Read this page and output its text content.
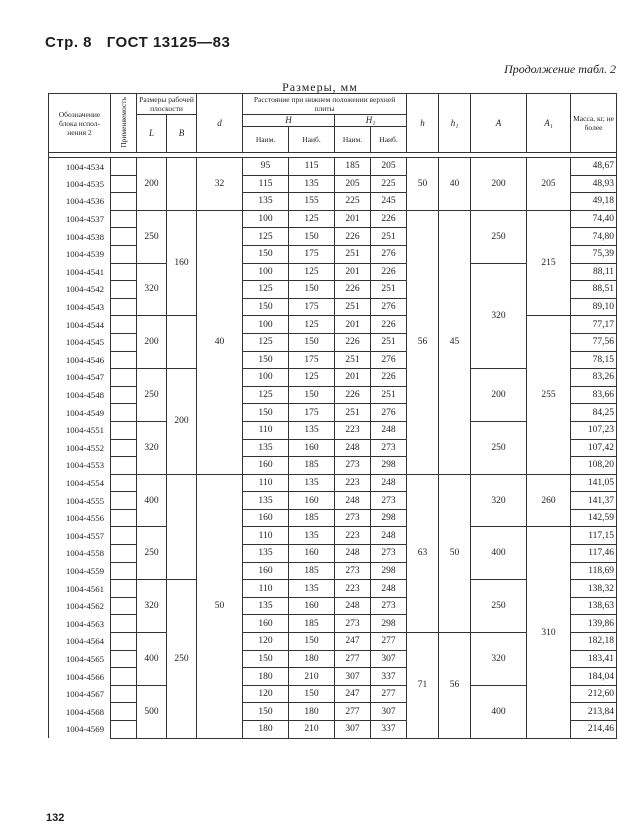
Стр. 8 ГОСТ 13125—83
Продолжение табл. 2
Размеры, мм
Обозначение блока испол-нения 2	Применяемость	Размеры рабочей плоскости		d	Расстояние при нижнем положении верхней плиты				h	h₁	A	A₁	Масса, кг, не более
		L	B		H		H₁						
					Наим.	Наиб.	Наим.	Наиб.					

1004-4534		200		32	95	115	185	205	50	40	200	205	48,67
1004-4535					115	135	205	225					48,93
1004-4536					135	155	225	245					49,18
1004-4537		250	160	40	100	125	201	226	56	45	250	215	74,40
1004-4538					125	150	226	251					74,80
1004-4539					150	175	251	276					75,39
1004-4541		320			100	125	201	226			320		88,11
1004-4542					125	150	226	251					88,51
1004-4543					150	175	251	276					89,10
1004-4544		200			100	125	201	226				255	77,17
1004-4545					125	150	226	251					77,56
1004-4546					150	175	251	276					78,15
1004-4547		250	200		100	125	201	226			200		83,26
1004-4548					125	150	226	251					83,66
1004-4549					150	175	251	276					84,25
1004-4551		320			110	135	223	248			250		107,23
1004-4552					135	160	248	273					107,42
1004-4553					160	185	273	298					108,20
1004-4554		400		50	110	135	223	248	63	50	320	260	141,05
1004-4555					135	160	248	273					141,37
1004-4556					160	185	273	298					142,59
1004-4557		250			110	135	223	248			400	310	117,15
1004-4558					135	160	248	273					117,46
1004-4559					160	185	273	298					118,69
1004-4561		320	250		110	135	223	248			250		138,32
1004-4562					135	160	248	273					138,63
1004-4563					160	185	273	298					139,86
1004-4564		400			120	150	247	277	71	56	320		182,18
1004-4565					150	180	277	307					183,41
1004-4566					180	210	307	337					184,04
1004-4567		500			120	150	247	277			400		212,60
1004-4568					150	180	277	307					213,84
1004-4569					180	210	307	337					214,46
132
